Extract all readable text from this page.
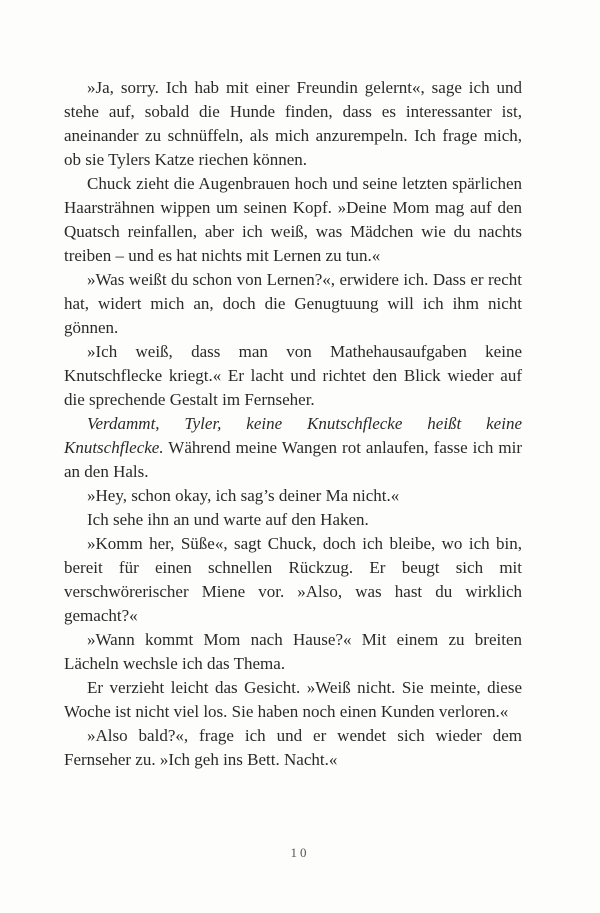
»Ja, sorry. Ich hab mit einer Freundin gelernt«, sage ich und stehe auf, sobald die Hunde finden, dass es interessanter ist, aneinander zu schnüffeln, als mich anzurempeln. Ich frage mich, ob sie Tylers Katze riechen können.

Chuck zieht die Augenbrauen hoch und seine letzten spärlichen Haarsträhnen wippen um seinen Kopf. »Deine Mom mag auf den Quatsch reinfallen, aber ich weiß, was Mädchen wie du nachts treiben – und es hat nichts mit Lernen zu tun.«

»Was weißt du schon von Lernen?«, erwidere ich. Dass er recht hat, widert mich an, doch die Genugtuung will ich ihm nicht gönnen.

»Ich weiß, dass man von Mathehausaufgaben keine Knutschflecke kriegt.« Er lacht und richtet den Blick wieder auf die sprechende Gestalt im Fernseher.

Verdammt, Tyler, keine Knutschflecke heißt keine Knutschflecke. Während meine Wangen rot anlaufen, fasse ich mir an den Hals.

»Hey, schon okay, ich sag’s deiner Ma nicht.«

Ich sehe ihn an und warte auf den Haken.

»Komm her, Süße«, sagt Chuck, doch ich bleibe, wo ich bin, bereit für einen schnellen Rückzug. Er beugt sich mit verschwörerischer Miene vor. »Also, was hast du wirklich gemacht?«

»Wann kommt Mom nach Hause?« Mit einem zu breiten Lächeln wechsle ich das Thema.

Er verzieht leicht das Gesicht. »Weiß nicht. Sie meinte, diese Woche ist nicht viel los. Sie haben noch einen Kunden verloren.«

»Also bald?«, frage ich und er wendet sich wieder dem Fernseher zu. »Ich geh ins Bett. Nacht.«

10
